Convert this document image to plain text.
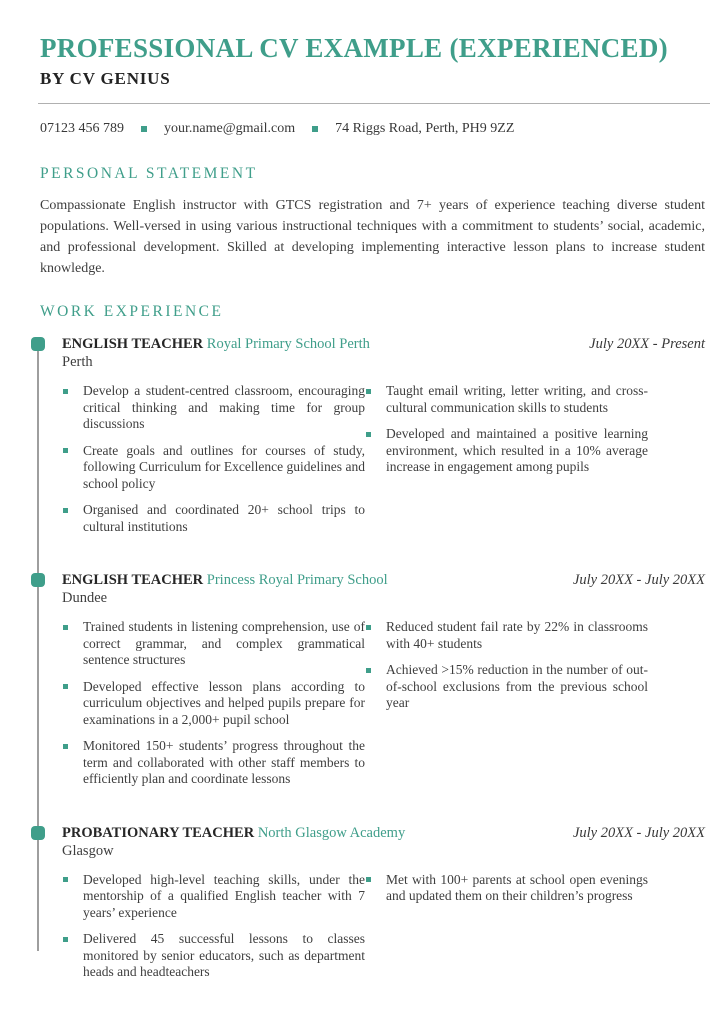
PROFESSIONAL CV EXAMPLE (EXPERIENCED)
BY CV GENIUS
07123 456 789	your.name@gmail.com	74 Riggs Road, Perth, PH9 9ZZ
PERSONAL STATEMENT
Compassionate English instructor with GTCS registration and 7+ years of experience teaching diverse student populations. Well-versed in using various instructional techniques with a commitment to students’ social, academic, and professional development. Skilled at developing implementing interactive lesson plans to increase student knowledge.
WORK EXPERIENCE
ENGLISH TEACHER Royal Primary School Perth	July 20XX - Present
Perth
Develop a student-centred classroom, encouraging critical thinking and making time for group discussions
Create goals and outlines for courses of study, following Curriculum for Excellence guidelines and school policy
Organised and coordinated 20+ school trips to cultural institutions
Taught email writing, letter writing, and cross-cultural communication skills to students
Developed and maintained a positive learning environment, which resulted in a 10% average increase in engagement among pupils
ENGLISH TEACHER Princess Royal Primary School	July 20XX - July 20XX
Dundee
Trained students in listening comprehension, use of correct grammar, and complex grammatical sentence structures
Developed effective lesson plans according to curriculum objectives and helped pupils prepare for examinations in a 2,000+ pupil school
Monitored 150+ students’ progress throughout the term and collaborated with other staff members to efficiently plan and coordinate lessons
Reduced student fail rate by 22% in classrooms with 40+ students
Achieved >15% reduction in the number of out-of-school exclusions from the previous school year
PROBATIONARY TEACHER North Glasgow Academy	July 20XX - July 20XX
Glasgow
Developed high-level teaching skills, under the mentorship of a qualified English teacher with 7 years’ experience
Delivered 45 successful lessons to classes monitored by senior educators, such as department heads and headteachers
Met with 100+ parents at school open evenings and updated them on their children’s progress
